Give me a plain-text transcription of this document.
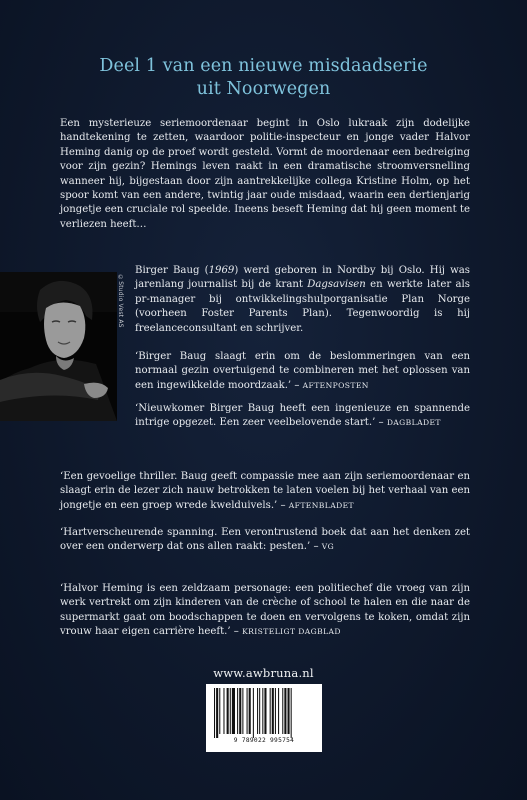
Deel 1 van een nieuwe misdaadserie
uit Noorwegen
Een mysterieuze seriemoordenaar begint in Oslo lukraak zijn dodelijke handtekening te zetten, waardoor politie-inspecteur en jonge vader Halvor Heming danig op de proef wordt gesteld. Vormt de moordenaar een bedreiging voor zijn gezin? Hemings leven raakt in een dramatische stroomversnelling wanneer hij, bijgestaan door zijn aantrekkelijke collega Kristine Holm, op het spoor komt van een andere, twintig jaar oude misdaad, waarin een dertienjarig jongetje een cruciale rol speelde. Ineens beseft Heming dat hij geen moment te verliezen heeft…
©Studio Vest AS
Birger Baug (1969) werd geboren in Nordby bij Oslo. Hij was jarenlang journalist bij de krant Dagsavisen en werkte later als pr-manager bij ontwikkelingshulporganisatie Plan Norge (voorheen Foster Parents Plan). Tegenwoordig is hij freelanceconsultant en schrijver.
‘Birger Baug slaagt erin om de beslommeringen van een normaal gezin overtuigend te combineren met het oplossen van een ingewikkelde moordzaak.’ – AFTENPOSTEN
‘Nieuwkomer Birger Baug heeft een ingenieuze en spannende intrige opgezet. Een zeer veelbelovende start.’ – DAGBLADET
‘Een gevoelige thriller. Baug geeft compassie mee aan zijn seriemoordenaar en slaagt erin de lezer zich nauw betrokken te laten voelen bij het verhaal van een jongetje en een groep wrede kwelduivels.’ – AFTENBLADET
‘Hartverscheurende spanning. Een verontrustend boek dat aan het denken zet over een onderwerp dat ons allen raakt: pesten.’ – VG
‘Halvor Heming is een zeldzaam personage: een politiechef die vroeg van zijn werk vertrekt om zijn kinderen van de crèche of school te halen en die naar de supermarkt gaat om boodschappen te doen en vervolgens te koken, omdat zijn vrouw haar eigen carrière heeft.’ – KRISTELIGT DAGBLAD
www.awbruna.nl
9 789022 995754
